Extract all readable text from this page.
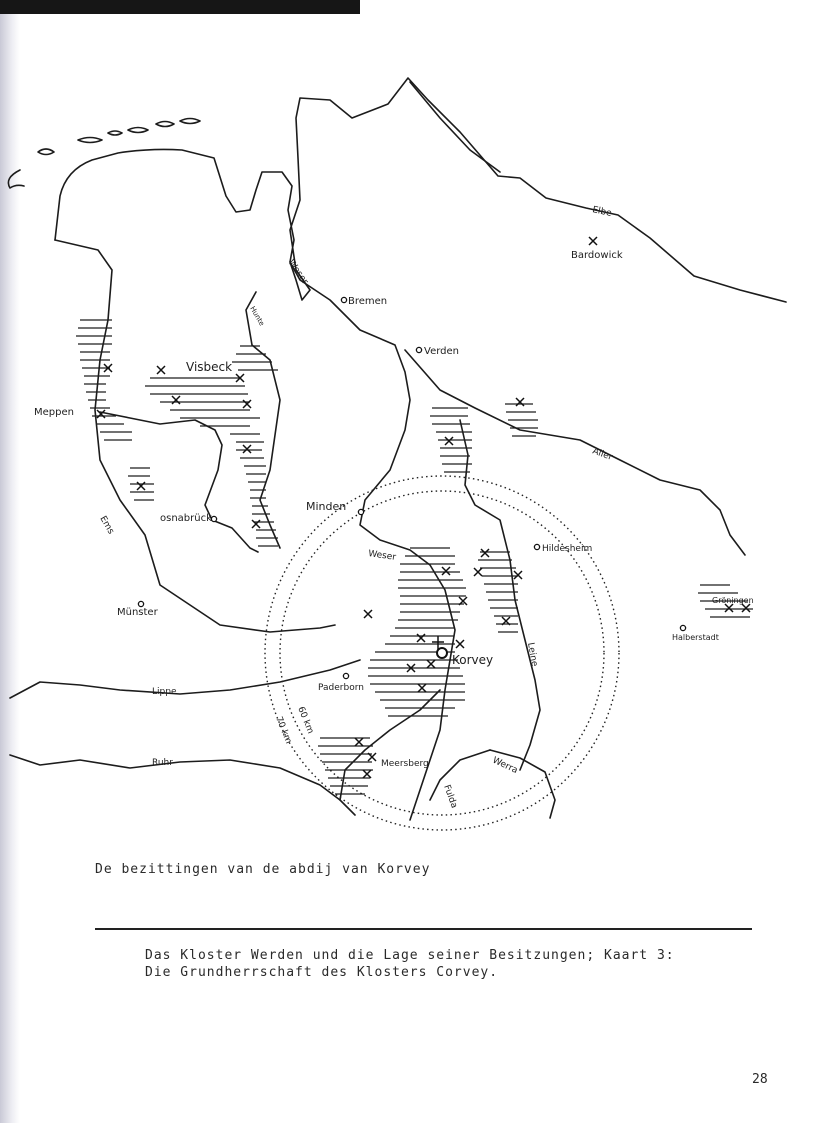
Bardowick
Bremen
Verden
Visbeck
Meppen
osnabrück
Minden
Hildesheim
Münster
Gröningen
Halberstadt
Korvey
Paderborn
Meersberg
Elbe
Weser
Hunte
Aller
Ems
Weser
Leine
Lippe
Ruhr	Werra
Fulda
60 km
70 km
De bezittingen van de abdij van Korvey
Das Kloster Werden und die Lage seiner Besitzungen; Kaart 3:
Die Grundherrschaft des Klosters Corvey.
28
